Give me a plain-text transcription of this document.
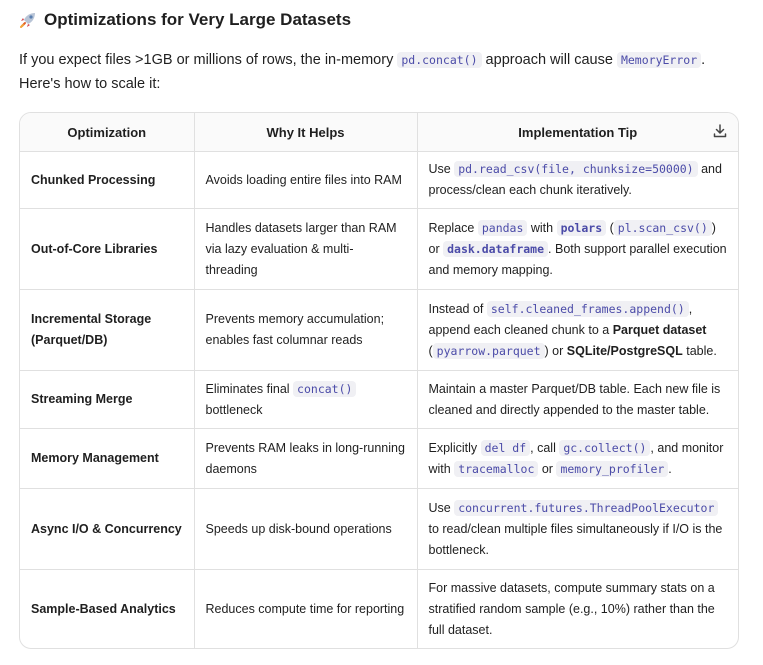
Optimizations for Very Large Datasets
If you expect files >1GB or millions of rows, the in-memory pd.concat() approach will cause MemoryError . Here's how to scale it:
Optimization	Why It Helps	Implementation Tip

Chunked Processing	Avoids loading entire files into RAM	Use pd.read_csv(file, chunksize=50000) and process/clean each chunk iteratively.
Out-of-Core Libraries	Handles datasets larger than RAM via lazy evaluation & multi-threading	Replace pandas with polars ( pl.scan_csv() ) or dask.dataframe . Both support parallel execution and memory mapping.
Incremental Storage (Parquet/DB)	Prevents memory accumulation; enables fast columnar reads	Instead of self.cleaned_frames.append() , append each cleaned chunk to a Parquet dataset ( pyarrow.parquet ) or SQLite/PostgreSQL table.
Streaming Merge	Eliminates final concat() bottleneck	Maintain a master Parquet/DB table. Each new file is cleaned and directly appended to the master table.
Memory Management	Prevents RAM leaks in long-running daemons	Explicitly del df , call gc.collect() , and monitor with tracemalloc or memory_profiler .
Async I/O & Concurrency	Speeds up disk-bound operations	Use concurrent.futures.ThreadPoolExecutor to read/clean multiple files simultaneously if I/O is the bottleneck.
Sample-Based Analytics	Reduces compute time for reporting	For massive datasets, compute summary stats on a stratified random sample (e.g., 10%) rather than the full dataset.
